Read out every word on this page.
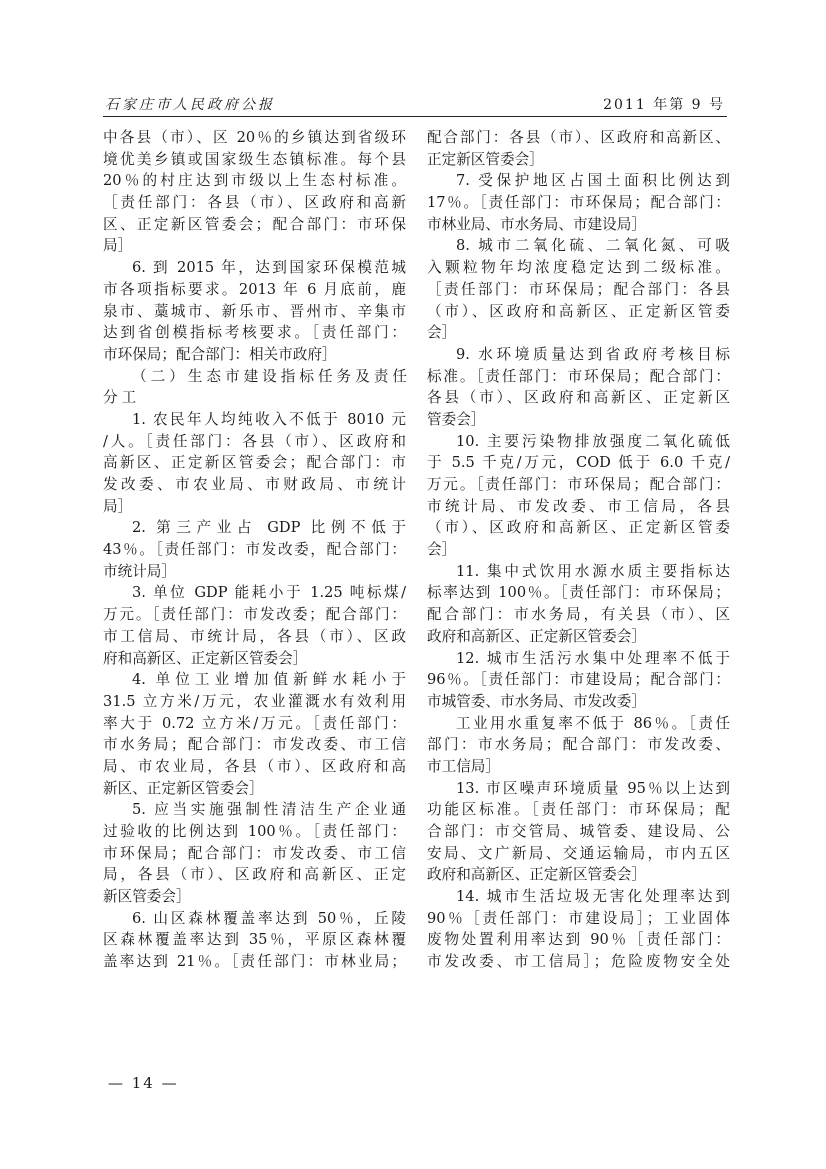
石家庄市人民政府公报	2011 年第 9 号
中各县（市）、区 20％的乡镇达到省级环
境优美乡镇或国家级生态镇标准。每个县
20％的村庄达到市级以上生态村标准。
［责任部门：各县（市）、区政府和高新
区、正定新区管委会；配合部门：市环保
局］
6. 到 2015 年，达到国家环保模范城
市各项指标要求。2013 年 6 月底前，鹿
泉市、藁城市、新乐市、晋州市、辛集市
达到省创模指标考核要求。［责任部门：
市环保局；配合部门：相关市政府］
（二）生态市建设指标任务及责任
分工
1. 农民年人均纯收入不低于 8010 元
/人。［责任部门：各县（市）、区政府和
高新区、正定新区管委会；配合部门：市
发改委、市农业局、市财政局、市统计
局］
2. 第三产业占 GDP 比例不低于
43％。［责任部门：市发改委，配合部门：
市统计局］
3. 单位 GDP 能耗小于 1.25 吨标煤/
万元。［责任部门：市发改委；配合部门：
市工信局、市统计局，各县（市）、区政
府和高新区、正定新区管委会］
4. 单位工业增加值新鲜水耗小于
31.5 立方米/万元，农业灌溉水有效利用
率大于 0.72 立方米/万元。［责任部门：
市水务局；配合部门：市发改委、市工信
局、市农业局，各县（市）、区政府和高
新区、正定新区管委会］
5. 应当实施强制性清洁生产企业通
过验收的比例达到 100％。［责任部门：
市环保局；配合部门：市发改委、市工信
局，各县（市）、区政府和高新区、正定
新区管委会］
6. 山区森林覆盖率达到 50％，丘陵
区森林覆盖率达到 35％，平原区森林覆
盖率达到 21％。［责任部门：市林业局；
配合部门：各县（市）、区政府和高新区、
正定新区管委会］
7. 受保护地区占国土面积比例达到
17％。［责任部门：市环保局；配合部门：
市林业局、市水务局、市建设局］
8. 城市二氧化硫、二氧化氮、可吸
入颗粒物年均浓度稳定达到二级标准。
［责任部门：市环保局；配合部门：各县
（市）、区政府和高新区、正定新区管委
会］
9. 水环境质量达到省政府考核目标
标准。［责任部门：市环保局；配合部门：
各县（市）、区政府和高新区、正定新区
管委会］
10. 主要污染物排放强度二氧化硫低
于 5.5 千克/万元，COD 低于 6.0 千克/
万元。［责任部门：市环保局；配合部门：
市统计局、市发改委、市工信局，各县
（市）、区政府和高新区、正定新区管委
会］
11. 集中式饮用水源水质主要指标达
标率达到 100％。［责任部门：市环保局；
配合部门：市水务局，有关县（市）、区
政府和高新区、正定新区管委会］
12. 城市生活污水集中处理率不低于
96％。［责任部门：市建设局；配合部门：
市城管委、市水务局、市发改委］
工业用水重复率不低于 86％。［责任
部门：市水务局；配合部门：市发改委、
市工信局］
13. 市区噪声环境质量 95％以上达到
功能区标准。［责任部门：市环保局；配
合部门：市交管局、城管委、建设局、公
安局、文广新局、交通运输局，市内五区
政府和高新区、正定新区管委会］
14. 城市生活垃圾无害化处理率达到
90％［责任部门：市建设局］；工业固体
废物处置利用率达到 90％［责任部门：
市发改委、市工信局］；危险废物安全处
— 14 —
